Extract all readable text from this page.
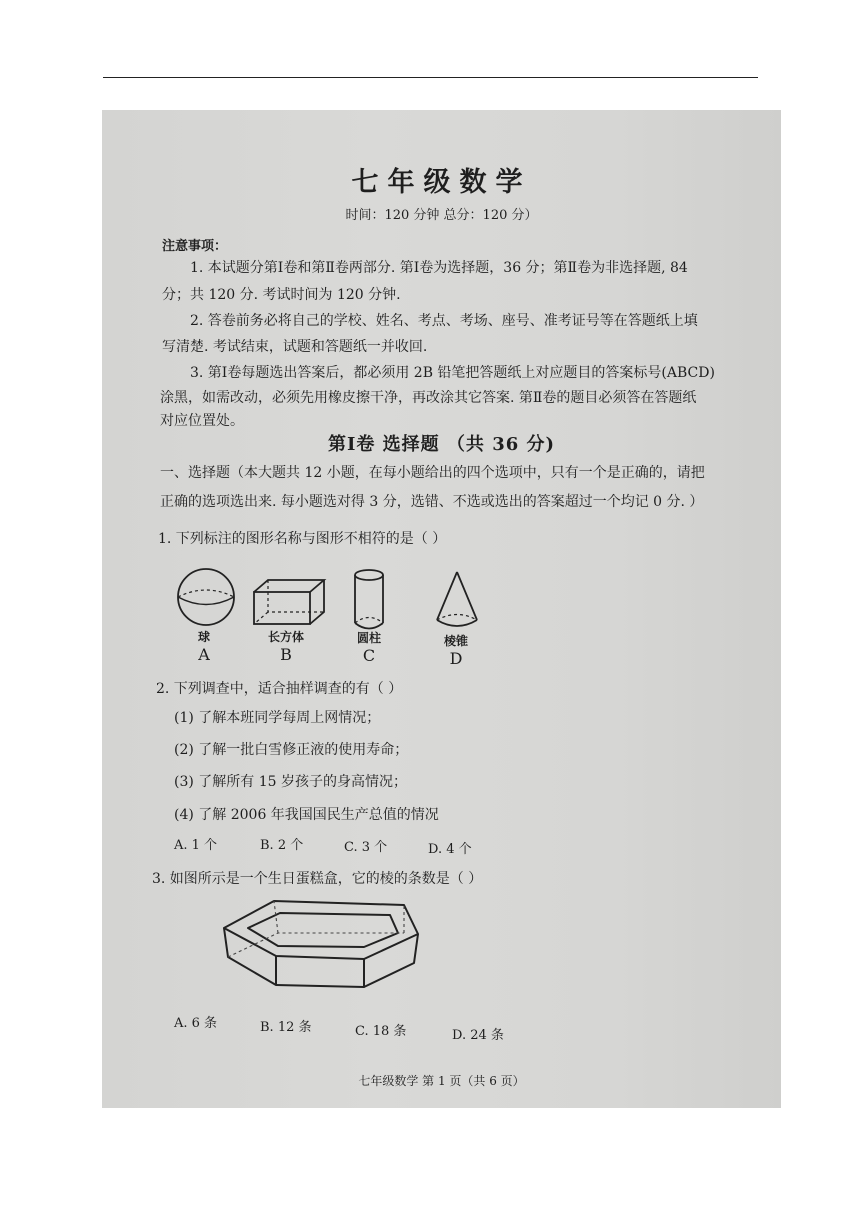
七年级数学
时间：120 分钟 总分：120 分）
注意事项：
1. 本试题分第Ⅰ卷和第Ⅱ卷两部分. 第Ⅰ卷为选择题，36 分；第Ⅱ卷为非选择题, 84
分；共 120 分. 考试时间为 120 分钟.
2. 答卷前务必将自己的学校、姓名、考点、考场、座号、准考证号等在答题纸上填
写清楚. 考试结束，试题和答题纸一并收回.
3. 第Ⅰ卷每题选出答案后，都必须用 2B 铅笔把答题纸上对应题目的答案标号(ABCD)
涂黑，如需改动，必须先用橡皮擦干净，再改涂其它答案. 第Ⅱ卷的题目必须答在答题纸
对应位置处。
第Ⅰ卷 选择题 （共 36 分)
一、选择题（本大题共 12 小题，在每小题给出的四个选项中，只有一个是正确的，请把
正确的选项选出来. 每小题选对得 3 分，选错、不选或选出的答案超过一个均记 0 分. ）
1. 下列标注的图形名称与图形不相符的是（ ）
球
A
长方体
B
圆柱
C
棱锥
D
2. 下列调查中，适合抽样调查的有（ ）
(1) 了解本班同学每周上网情况；
(2) 了解一批白雪修正液的使用寿命；
(3) 了解所有 15 岁孩子的身高情况；
(4) 了解 2006 年我国国民生产总值的情况
A. 1 个	B. 2 个	C. 3 个	D. 4 个
3. 如图所示是一个生日蛋糕盒，它的棱的条数是（ ）
A. 6 条	B. 12 条	C. 18 条	D. 24 条
七年级数学 第 1 页（共 6 页）
